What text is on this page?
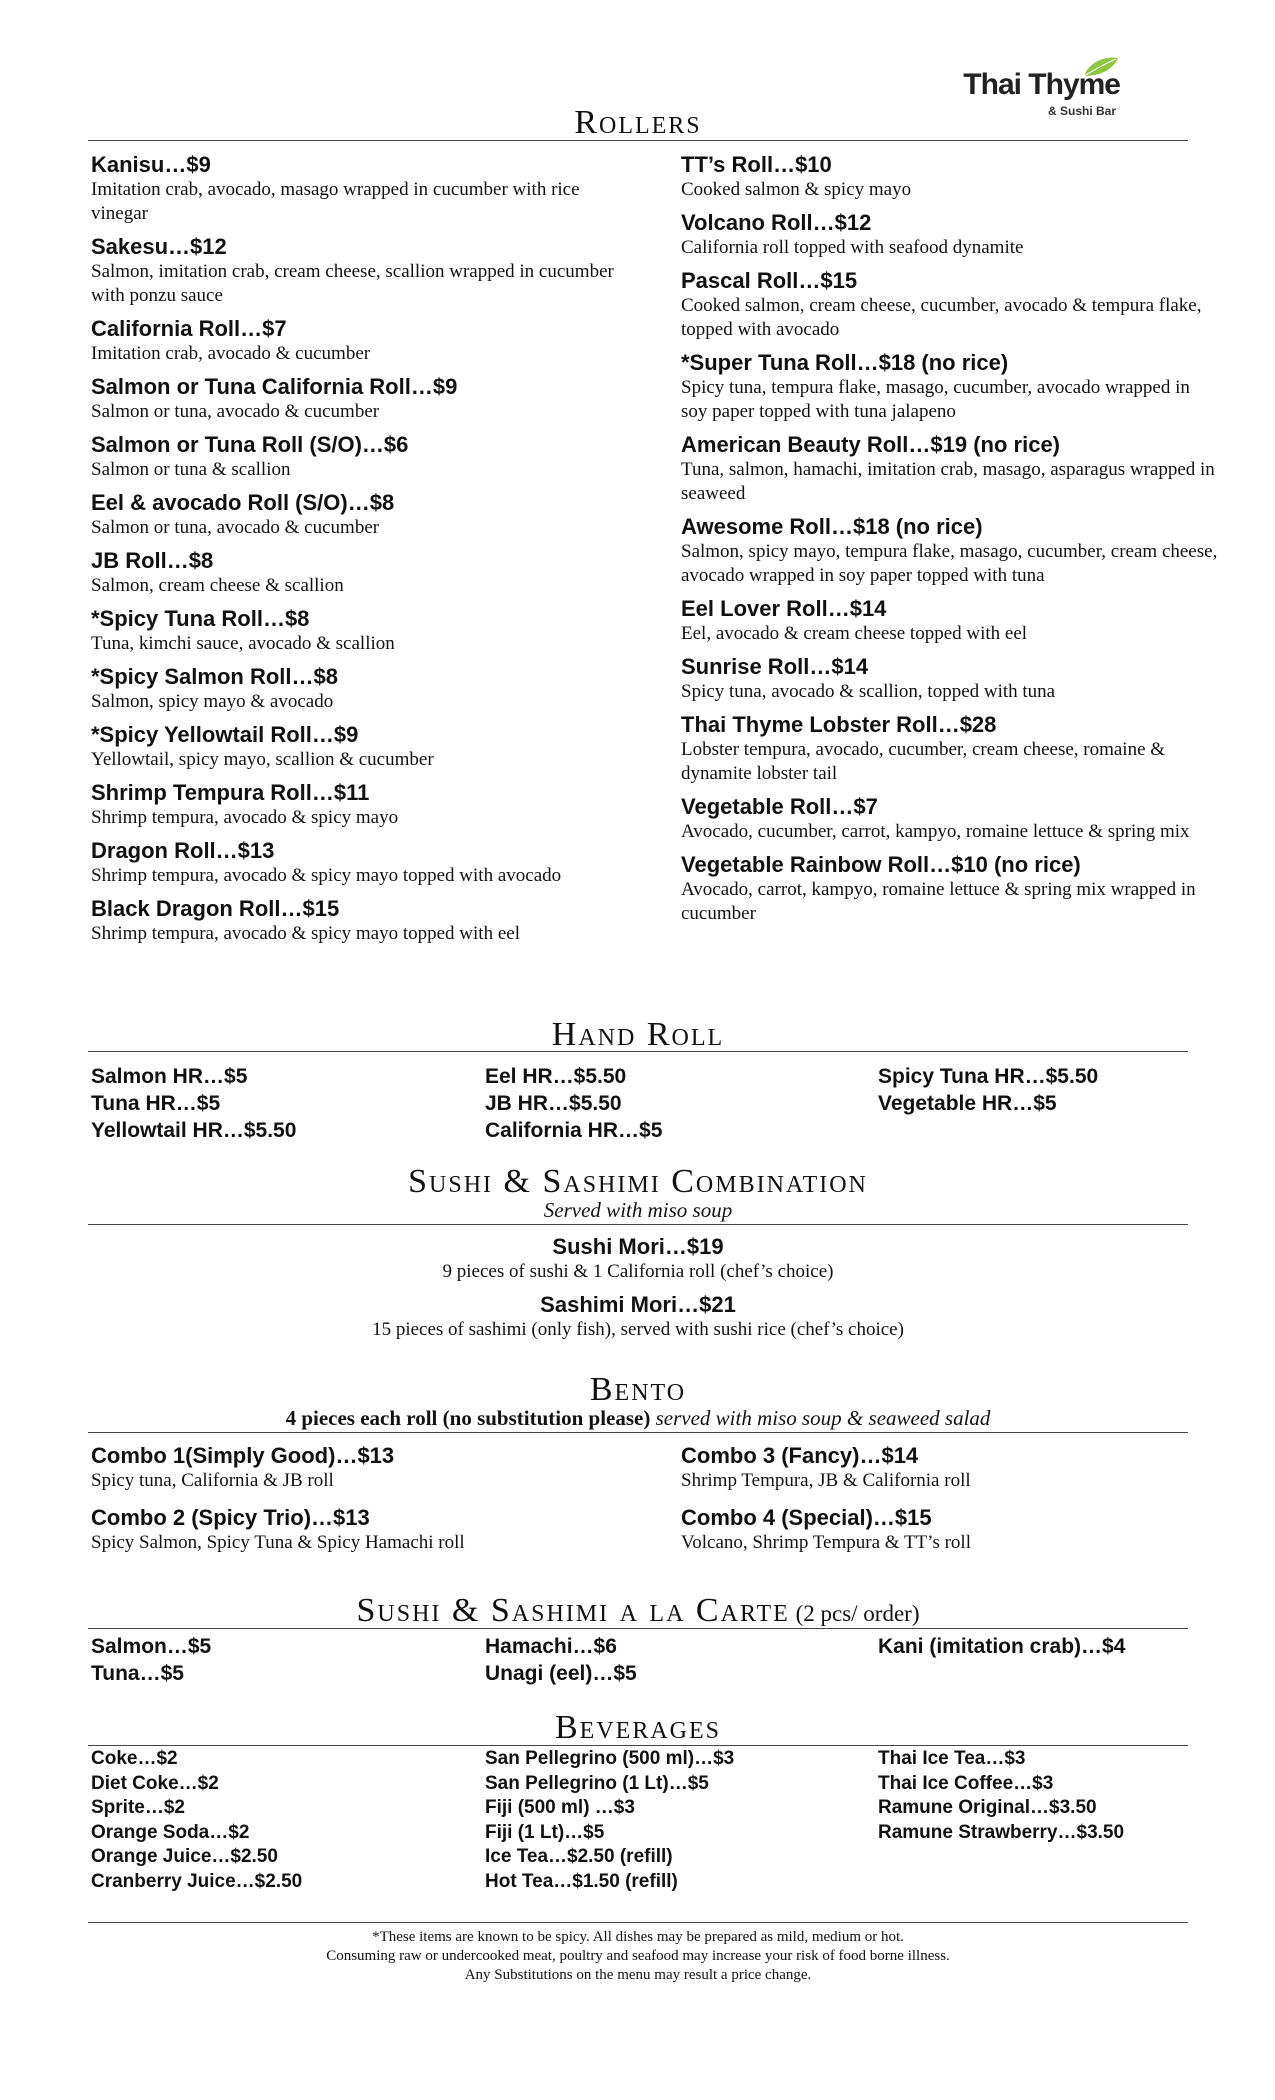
Thai Thyme
& Sushi Bar
Rollers
Kanisu…$9
Imitation crab, avocado, masago wrapped in cucumber with rice vinegar
Sakesu…$12
Salmon, imitation crab, cream cheese, scallion wrapped in cucumber with ponzu sauce
California Roll…$7
Imitation crab, avocado & cucumber
Salmon or Tuna California Roll…$9
Salmon or tuna, avocado & cucumber
Salmon or Tuna Roll (S/O)…$6
Salmon or tuna & scallion
Eel & avocado Roll (S/O)…$8
Salmon or tuna, avocado & cucumber
JB Roll…$8
Salmon, cream cheese & scallion
*Spicy Tuna Roll…$8
Tuna, kimchi sauce, avocado & scallion
*Spicy Salmon Roll…$8
Salmon, spicy mayo & avocado
*Spicy Yellowtail Roll…$9
Yellowtail, spicy mayo, scallion & cucumber
Shrimp Tempura Roll…$11
Shrimp tempura, avocado & spicy mayo
Dragon Roll…$13
Shrimp tempura, avocado & spicy mayo topped with avocado
Black Dragon Roll…$15
Shrimp tempura, avocado & spicy mayo topped with eel
TT’s Roll…$10
Cooked salmon & spicy mayo
Volcano Roll…$12
California roll topped with seafood dynamite
Pascal Roll…$15
Cooked salmon, cream cheese, cucumber, avocado & tempura flake, topped with avocado
*Super Tuna Roll…$18 (no rice)
Spicy tuna, tempura flake, masago, cucumber, avocado wrapped in soy paper topped with tuna jalapeno
American Beauty Roll…$19 (no rice)
Tuna, salmon, hamachi, imitation crab, masago, asparagus wrapped in seaweed
Awesome Roll…$18 (no rice)
Salmon, spicy mayo, tempura flake, masago, cucumber, cream cheese, avocado wrapped in soy paper topped with tuna
Eel Lover Roll…$14
Eel, avocado & cream cheese topped with eel
Sunrise Roll…$14
Spicy tuna, avocado & scallion, topped with tuna
Thai Thyme Lobster Roll…$28
Lobster tempura, avocado, cucumber, cream cheese, romaine & dynamite lobster tail
Vegetable Roll…$7
Avocado, cucumber, carrot, kampyo, romaine lettuce & spring mix
Vegetable Rainbow Roll…$10 (no rice)
Avocado, carrot, kampyo, romaine lettuce & spring mix wrapped in cucumber
Hand Roll
Salmon HR…$5
Tuna HR…$5
Yellowtail HR…$5.50
Eel HR…$5.50
JB HR…$5.50
California HR…$5
Spicy Tuna HR…$5.50
Vegetable HR…$5
Sushi & Sashimi Combination
Served with miso soup
Sushi Mori…$19
9 pieces of sushi & 1 California roll (chef’s choice)
Sashimi Mori…$21
15 pieces of sashimi (only fish), served with sushi rice (chef’s choice)
Bento
4 pieces each roll (no substitution please) served with miso soup & seaweed salad
Combo 1(Simply Good)…$13
Spicy tuna, California & JB roll
Combo 2 (Spicy Trio)…$13
Spicy Salmon, Spicy Tuna & Spicy Hamachi roll
Combo 3 (Fancy)…$14
Shrimp Tempura, JB & California roll
Combo 4 (Special)…$15
Volcano, Shrimp Tempura & TT’s roll
Sushi & Sashimi a la Carte (2 pcs/ order)
Salmon…$5
Tuna…$5
Hamachi…$6
Unagi (eel)…$5
Kani (imitation crab)…$4
Beverages
Coke…$2
Diet Coke…$2
Sprite…$2
Orange Soda…$2
Orange Juice…$2.50
Cranberry Juice…$2.50
San Pellegrino (500 ml)…$3
San Pellegrino (1 Lt)…$5
Fiji (500 ml) …$3
Fiji (1 Lt)…$5
Ice Tea…$2.50 (refill)
Hot Tea…$1.50 (refill)
Thai Ice Tea…$3
Thai Ice Coffee…$3
Ramune Original…$3.50
Ramune Strawberry…$3.50
*These items are known to be spicy. All dishes may be prepared as mild, medium or hot.
Consuming raw or undercooked meat, poultry and seafood may increase your risk of food borne illness.
Any Substitutions on the menu may result a price change.
